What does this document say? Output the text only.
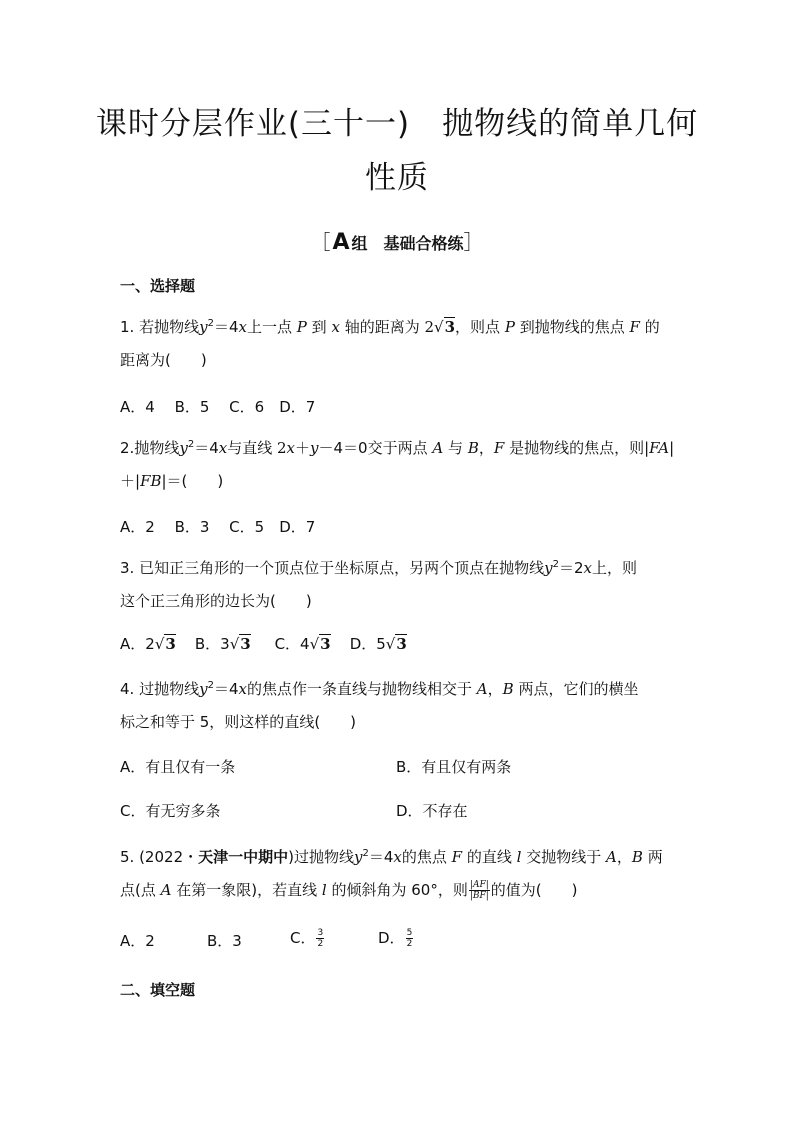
课时分层作业(三十一)　抛物线的简单几何
性质
［A 组　基础合格练］
一、选择题
1. 若抛物线$y^2=4x$上一点 P 到 x 轴的距离为 2√3，则点 P 到抛物线的焦点 F 的
距离为(　　)
A．4　 B．5　 C．6　D．7
2.抛物线$y^2=4x$与直线 2x＋y－4＝0交于两点 A 与 B，F 是抛物线的焦点，则|FA|
＋|FB|＝(　　)
A．2　 B．3　 C．5　D．7
3. 已知正三角形的一个顶点位于坐标原点，另两个顶点在抛物线$y^2=2x$上，则
这个正三角形的边长为(　　)
A．2√3 B．3√3 C．4√3 D．5√3
4. 过抛物线$y^2=4x$的焦点作一条直线与抛物线相交于 A，B 两点，它们的横坐
标之和等于 5，则这样的直线(　　)
A．有且仅有一条	B．有且仅有两条
C．有无穷多条	D．不存在
5. (2022・天津一中期中)过抛物线$y^2=4x$的焦点 F 的直线 l 交抛物线于 A，B 两
点(点 A 在第一象限)，若直线 l 的倾斜角为 60°，则 $\frac{|AF|}{|BF|}$ 的值为(　　)
A．2	B．3	C． $\frac{3}{2}$	D． $\frac{5}{2}$
二、填空题
